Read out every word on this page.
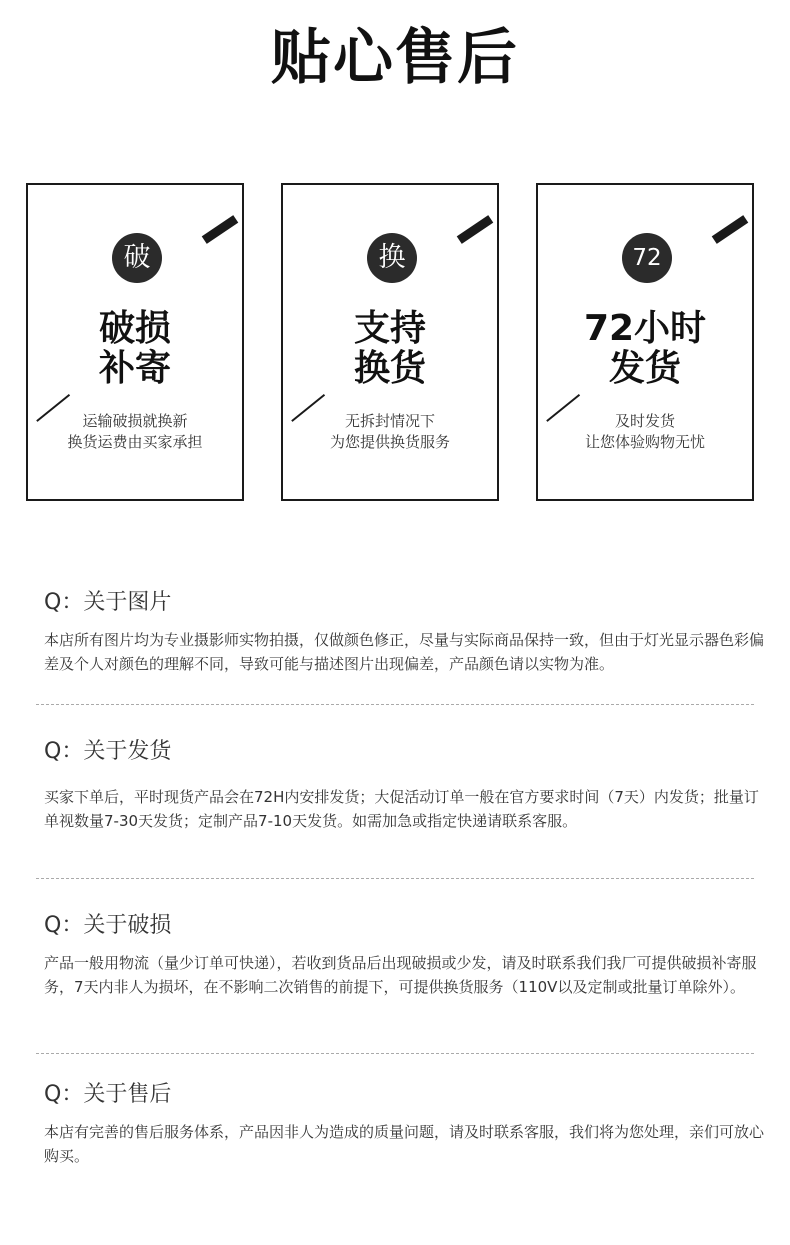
贴心售后
破
破损
补寄
运输破损就换新
换货运费由买家承担
换
支持
换货
无拆封情况下
为您提供换货服务
72
72小时
发货
及时发货
让您体验购物无忧
Q：关于图片
本店所有图片均为专业摄影师实物拍摄，仅做颜色修正，尽量与实际商品保持一致，但由于灯光显示器色彩偏差及个人对颜色的理解不同，导致可能与描述图片出现偏差，产品颜色请以实物为准。
Q：关于发货
买家下单后，平时现货产品会在72H内安排发货；大促活动订单一般在官方要求时间（7天）内发货；批量订单视数量7-30天发货；定制产品7-10天发货。如需加急或指定快递请联系客服。
Q：关于破损
产品一般用物流（量少订单可快递），若收到货品后出现破损或少发，请及时联系我们我厂可提供破损补寄服务，7天内非人为损坏，在不影响二次销售的前提下，可提供换货服务（110V以及定制或批量订单除外）。
Q：关于售后
本店有完善的售后服务体系，产品因非人为造成的质量问题，请及时联系客服，我们将为您处理，亲们可放心购买。
